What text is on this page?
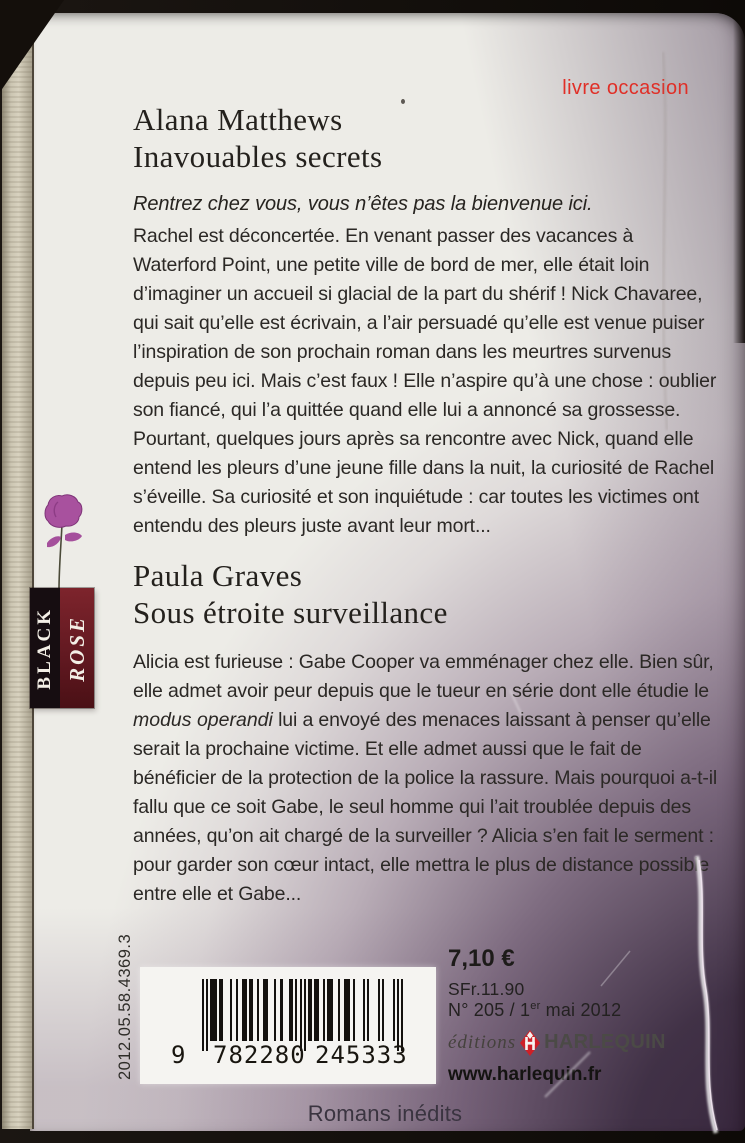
livre occasion
Alana Matthews
Inavouables secrets
Rentrez chez vous, vous n’êtes pas la bienvenue ici.
Rachel est déconcertée. En venant passer des vacances à Waterford Point, une petite ville de bord de mer, elle était loin d’imaginer un accueil si glacial de la part du shérif ! Nick Chavaree, qui sait qu’elle est écrivain, a l’air persuadé qu’elle est venue puiser l’inspiration de son prochain roman dans les meurtres survenus depuis peu ici. Mais c’est faux ! Elle n’aspire qu’à une chose : oublier son fiancé, qui l’a quittée quand elle lui a annoncé sa grossesse. Pourtant, quelques jours après sa rencontre avec Nick, quand elle entend les pleurs d’une jeune fille dans la nuit, la curiosité de Rachel s’éveille. Sa curiosité et son inquiétude : car toutes les victimes ont entendu des pleurs juste avant leur mort...
Paula Graves
Sous étroite surveillance
Alicia est furieuse : Gabe Cooper va emménager chez elle. Bien sûr, elle admet avoir peur depuis que le tueur en série dont elle étudie le modus operandi lui a envoyé des menaces laissant à penser qu’elle serait la prochaine victime. Et elle admet aussi que le fait de bénéficier de la protection de la police la rassure. Mais pourquoi a-t-il fallu que ce soit Gabe, le seul homme qui l’ait troublée depuis des années, qu’on ait chargé de la surveiller ? Alicia s’en fait le serment : pour garder son cœur intact, elle mettra le plus de distance possible entre elle et Gabe...
BLACK ROSE
7,10 €
SFr.11.90
N° 205 / 1er mai 2012
9 782280 245333
2012.05.58.4369.3	éditions HARLEQUIN
www.harlequin.fr
Romans inédits
